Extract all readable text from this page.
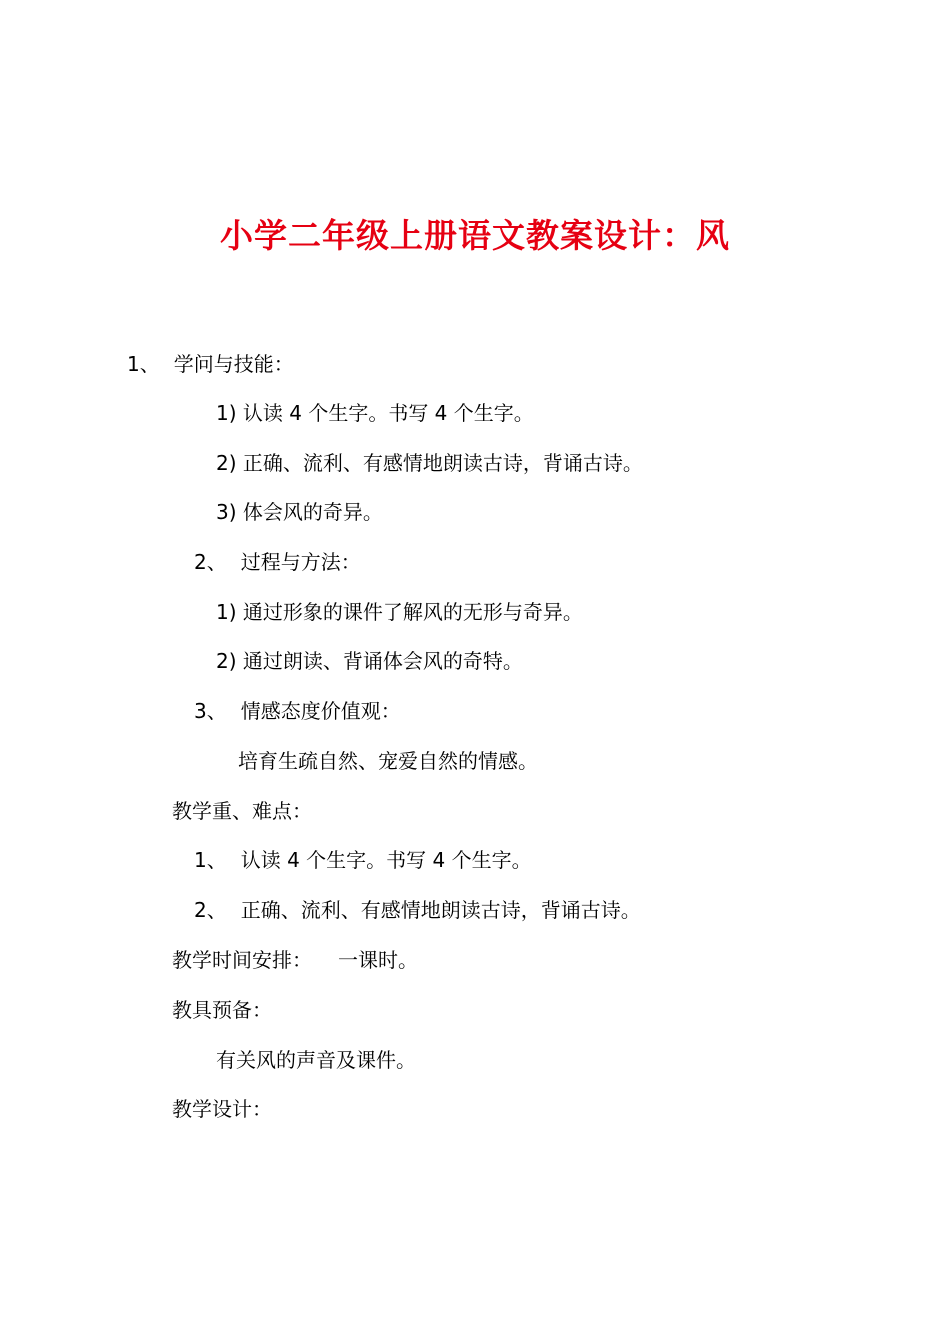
小学二年级上册语文教案设计：风
1、 学问与技能：
1) 认读 4 个生字。书写 4 个生字。
2) 正确、流利、有感情地朗读古诗，背诵古诗。
3) 体会风的奇异。
2、 过程与方法：
1) 通过形象的课件了解风的无形与奇异。
2) 通过朗读、背诵体会风的奇特。
3、 情感态度价值观：
培育生疏自然、宠爱自然的情感。
教学重、难点：
1、 认读 4 个生字。书写 4 个生字。
2、 正确、流利、有感情地朗读古诗，背诵古诗。
教学时间安排： 一课时。
教具预备：
有关风的声音及课件。
教学设计：
